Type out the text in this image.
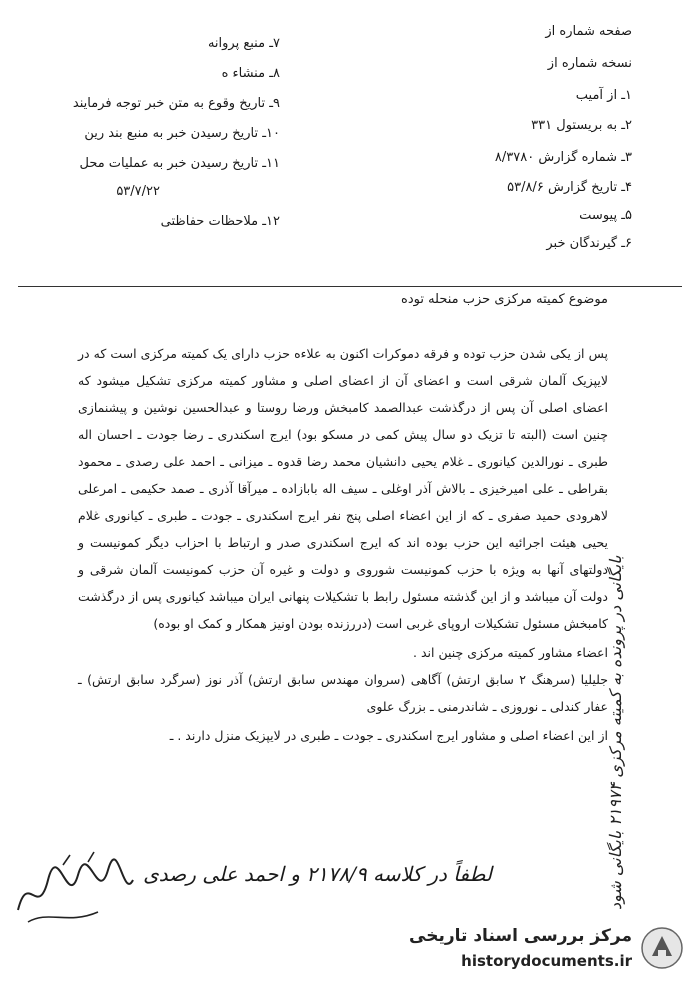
صفحه شماره از
نسخه شماره از
۱ـ از آمیب
۲ـ به بریستول ۳۳۱
۳ـ شماره گزارش ۸/۳۷۸۰
۴ـ تاریخ گزارش ۵۳/۸/۶
۵ـ پیوست
۶ـ گیرندگان خبر
۷ـ منبع پروانه
۸ـ منشاء ه
۹ـ تاریخ وقوع به متن خبر توجه فرمایند
۱۰ـ تاریخ رسیدن خبر به منبع بند رین
۱۱ـ تاریخ رسیدن خبر به عملیات محل
۵۳/۷/۲۲
۱۲ـ ملاحظات حفاظتی
موضوع کمیته مرکزی حزب منحله توده

پس از یکی شدن حزب توده و فرقه دموکرات اکنون به علاءه حزب دارای یک کمیته مرکزی است که در لایپزیک آلمان شرقی است و اعضای آن از اعضای اصلی و مشاور کمیته مرکزی تشکیل میشود که اعضای اصلی آن پس از درگذشت عبدالصمد کامبخش ورضا روستا و عبدالحسین نوشین و پیشنمازی چنین است (البته تا تزیک دو سال پیش کمی در مسکو بود) ایرج اسکندری ـ رضا جودت ـ احسان اله طبری ـ نورالدین کیانوری ـ غلام یحیی دانشیان محمد رضا قدوه ـ میزانی ـ احمد علی رصدی ـ محمود بقراطی ـ علی امیرخیزی ـ بالاش آذر اوغلی ـ سیف اله بابازاده ـ میرآقا آذری ـ صمد حکیمی ـ امرعلی لاهرودی حمید صفری ـ که از این اعضاء اصلی پنج نفر ایرج اسکندری ـ جودت ـ طبری ـ کیانوری غلام یحیی هیئت اجرائیه این حزب بوده اند که ایرج اسکندری صدر و ارتباط با احزاب دیگر کمونیست و دولتهای آنها به ویژه با حزب کمونیست شوروی و دولت و غیره آن حزب کمونیست آلمان شرقی و دولت آن میباشد و از این گذشته مسئول رابط با تشکیلات پنهانی ایران میباشد کیانوری پس از درگذشت کامبخش مسئول تشکیلات اروپای غربی است (دررزنده بودن اونیز همکار و کمک او بوده)

اعضاء مشاور کمیته مرکزی چنین اند .

جلیلیا (سرهنگ ۲ سابق ارتش) آگاهی (سروان مهندس سابق ارتش) آذر نوز (سرگرد سابق ارتش) ـ عفار کندلی ـ نوروزی ـ شاندرمنی ـ بزرگ علوی

از این اعضاء اصلی و مشاور ایرج اسکندری ـ جودت ـ طبری در لایپزیک منزل دارند . ـ

بایگانی در پرونده به کمیته مرکزی ۲۱۹۷۴ بایگانی شود
لطفاً در کلاسه ۲۱۷۸/۹ و احمد علی رصدی
مرکز بررسی اسناد تاریخی
historydocuments.ir
